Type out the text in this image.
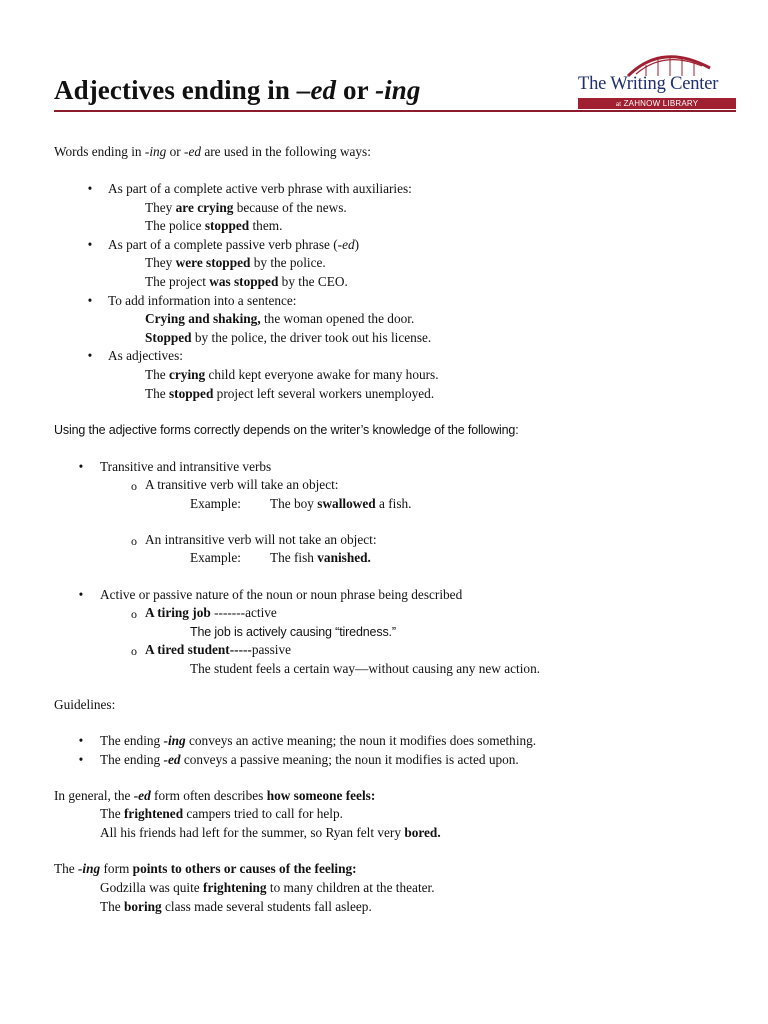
Adjectives ending in –ed or -ing	The Writing Center
at ZAHNOW LIBRARY
Words ending in -ing or -ed are used in the following ways:
• As part of a complete active verb phrase with auxiliaries:
They are crying because of the news.
The police stopped them.
• As part of a complete passive verb phrase (-ed)
They were stopped by the police.
The project was stopped by the CEO.
• To add information into a sentence:
Crying and shaking, the woman opened the door.
Stopped by the police, the driver took out his license.
• As adjectives:
The crying child kept everyone awake for many hours.
The stopped project left several workers unemployed.
Using the adjective forms correctly depends on the writer’s knowledge of the following:
• Transitive and intransitive verbs
o A transitive verb will take an object:
Example: The boy swallowed a fish.
o An intransitive verb will not take an object:
Example: The fish vanished.
• Active or passive nature of the noun or noun phrase being described
o A tiring job -------active
The job is actively causing “tiredness.”
o A tired student-----passive
The student feels a certain way—without causing any new action.
Guidelines:
• The ending -ing conveys an active meaning; the noun it modifies does something.
• The ending -ed conveys a passive meaning; the noun it modifies is acted upon.
In general, the -ed form often describes how someone feels:
The frightened campers tried to call for help.
All his friends had left for the summer, so Ryan felt very bored.
The -ing form points to others or causes of the feeling:
Godzilla was quite frightening to many children at the theater.
The boring class made several students fall asleep.
